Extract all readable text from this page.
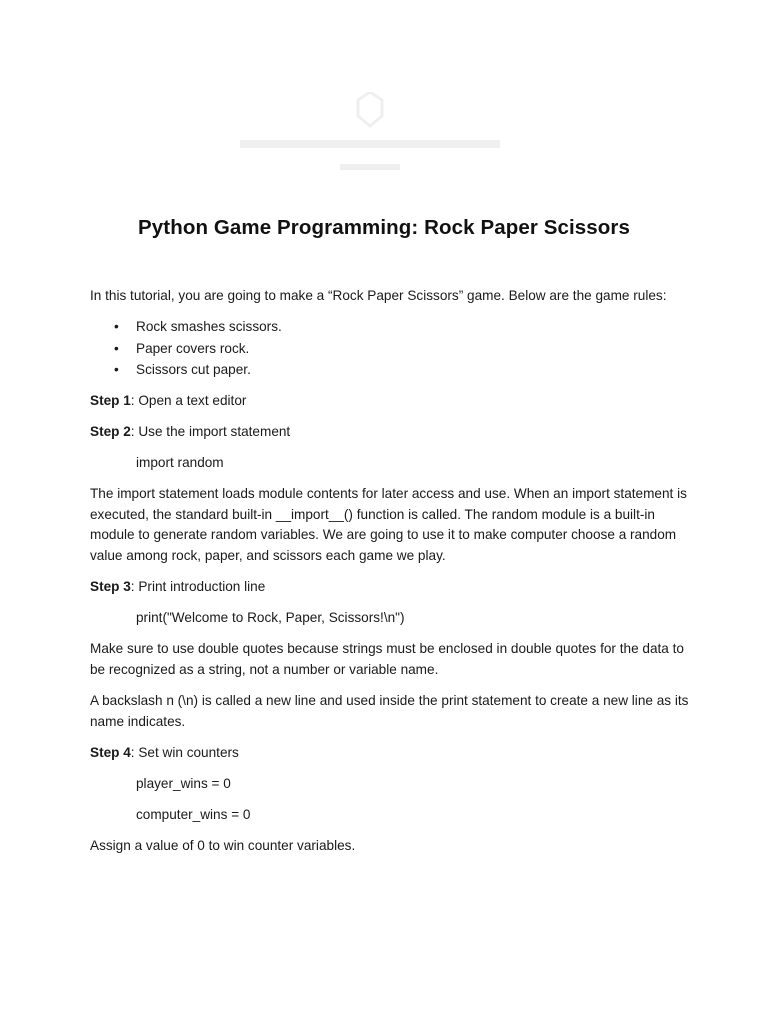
Python Game Programming: Rock Paper Scissors

In this tutorial, you are going to make a “Rock Paper Scissors” game. Below are the game rules:

• Rock smashes scissors.
• Paper covers rock.
• Scissors cut paper.

Step 1: Open a text editor

Step 2: Use the import statement

import random

The import statement loads module contents for later access and use. When an import statement is executed, the standard built-in __import__() function is called. The random module is a built-in module to generate random variables. We are going to use it to make computer choose a random value among rock, paper, and scissors each game we play.

Step 3: Print introduction line

print("Welcome to Rock, Paper, Scissors!\n")

Make sure to use double quotes because strings must be enclosed in double quotes for the data to be recognized as a string, not a number or variable name.

A backslash n (\n) is called a new line and used inside the print statement to create a new line as its name indicates.

Step 4: Set win counters

player_wins = 0

computer_wins = 0

Assign a value of 0 to win counter variables.
